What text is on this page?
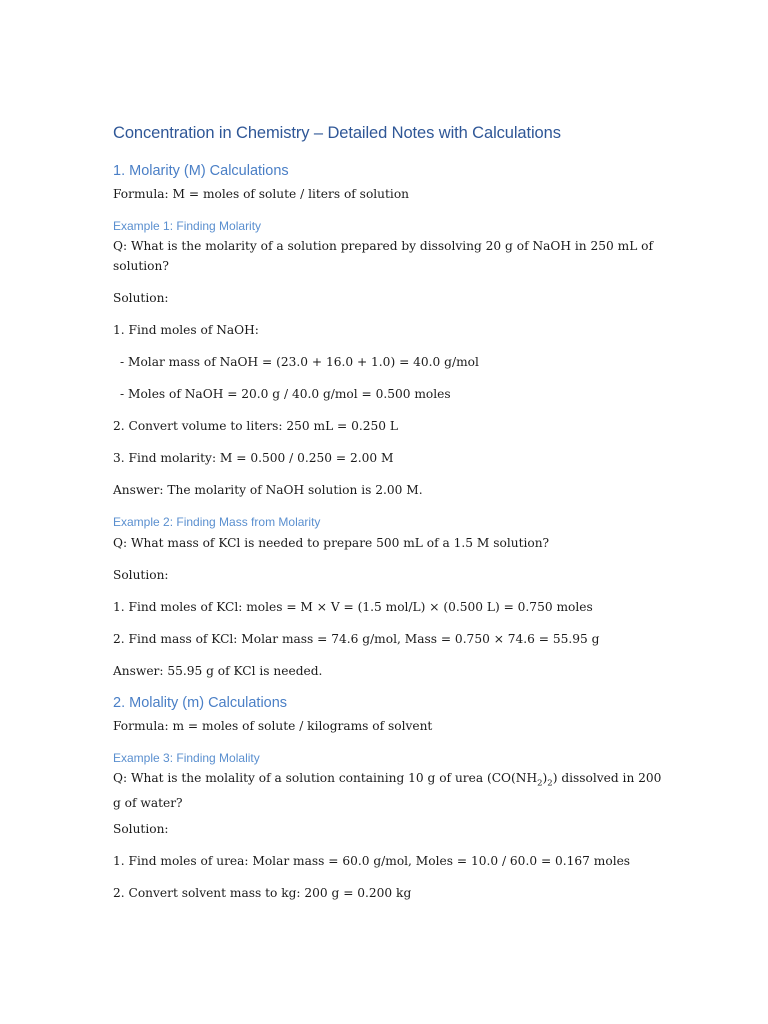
Concentration in Chemistry – Detailed Notes with Calculations
1. Molarity (M) Calculations
Formula: M = moles of solute / liters of solution
Example 1: Finding Molarity
Q: What is the molarity of a solution prepared by dissolving 20 g of NaOH in 250 mL of solution?
Solution:
1. Find moles of NaOH:
- Molar mass of NaOH = (23.0 + 16.0 + 1.0) = 40.0 g/mol
- Moles of NaOH = 20.0 g / 40.0 g/mol = 0.500 moles
2. Convert volume to liters: 250 mL = 0.250 L
3. Find molarity: M = 0.500 / 0.250 = 2.00 M
Answer: The molarity of NaOH solution is 2.00 M.
Example 2: Finding Mass from Molarity
Q: What mass of KCl is needed to prepare 500 mL of a 1.5 M solution?
Solution:
1. Find moles of KCl: moles = M × V = (1.5 mol/L) × (0.500 L) = 0.750 moles
2. Find mass of KCl: Molar mass = 74.6 g/mol, Mass = 0.750 × 74.6 = 55.95 g
Answer: 55.95 g of KCl is needed.
2. Molality (m) Calculations
Formula: m = moles of solute / kilograms of solvent
Example 3: Finding Molality
Q: What is the molality of a solution containing 10 g of urea $(CO(NH_2)_2)$ dissolved in 200 g of water?
Solution:
1. Find moles of urea: Molar mass = 60.0 g/mol, Moles = 10.0 / 60.0 = 0.167 moles
2. Convert solvent mass to kg: 200 g = 0.200 kg
